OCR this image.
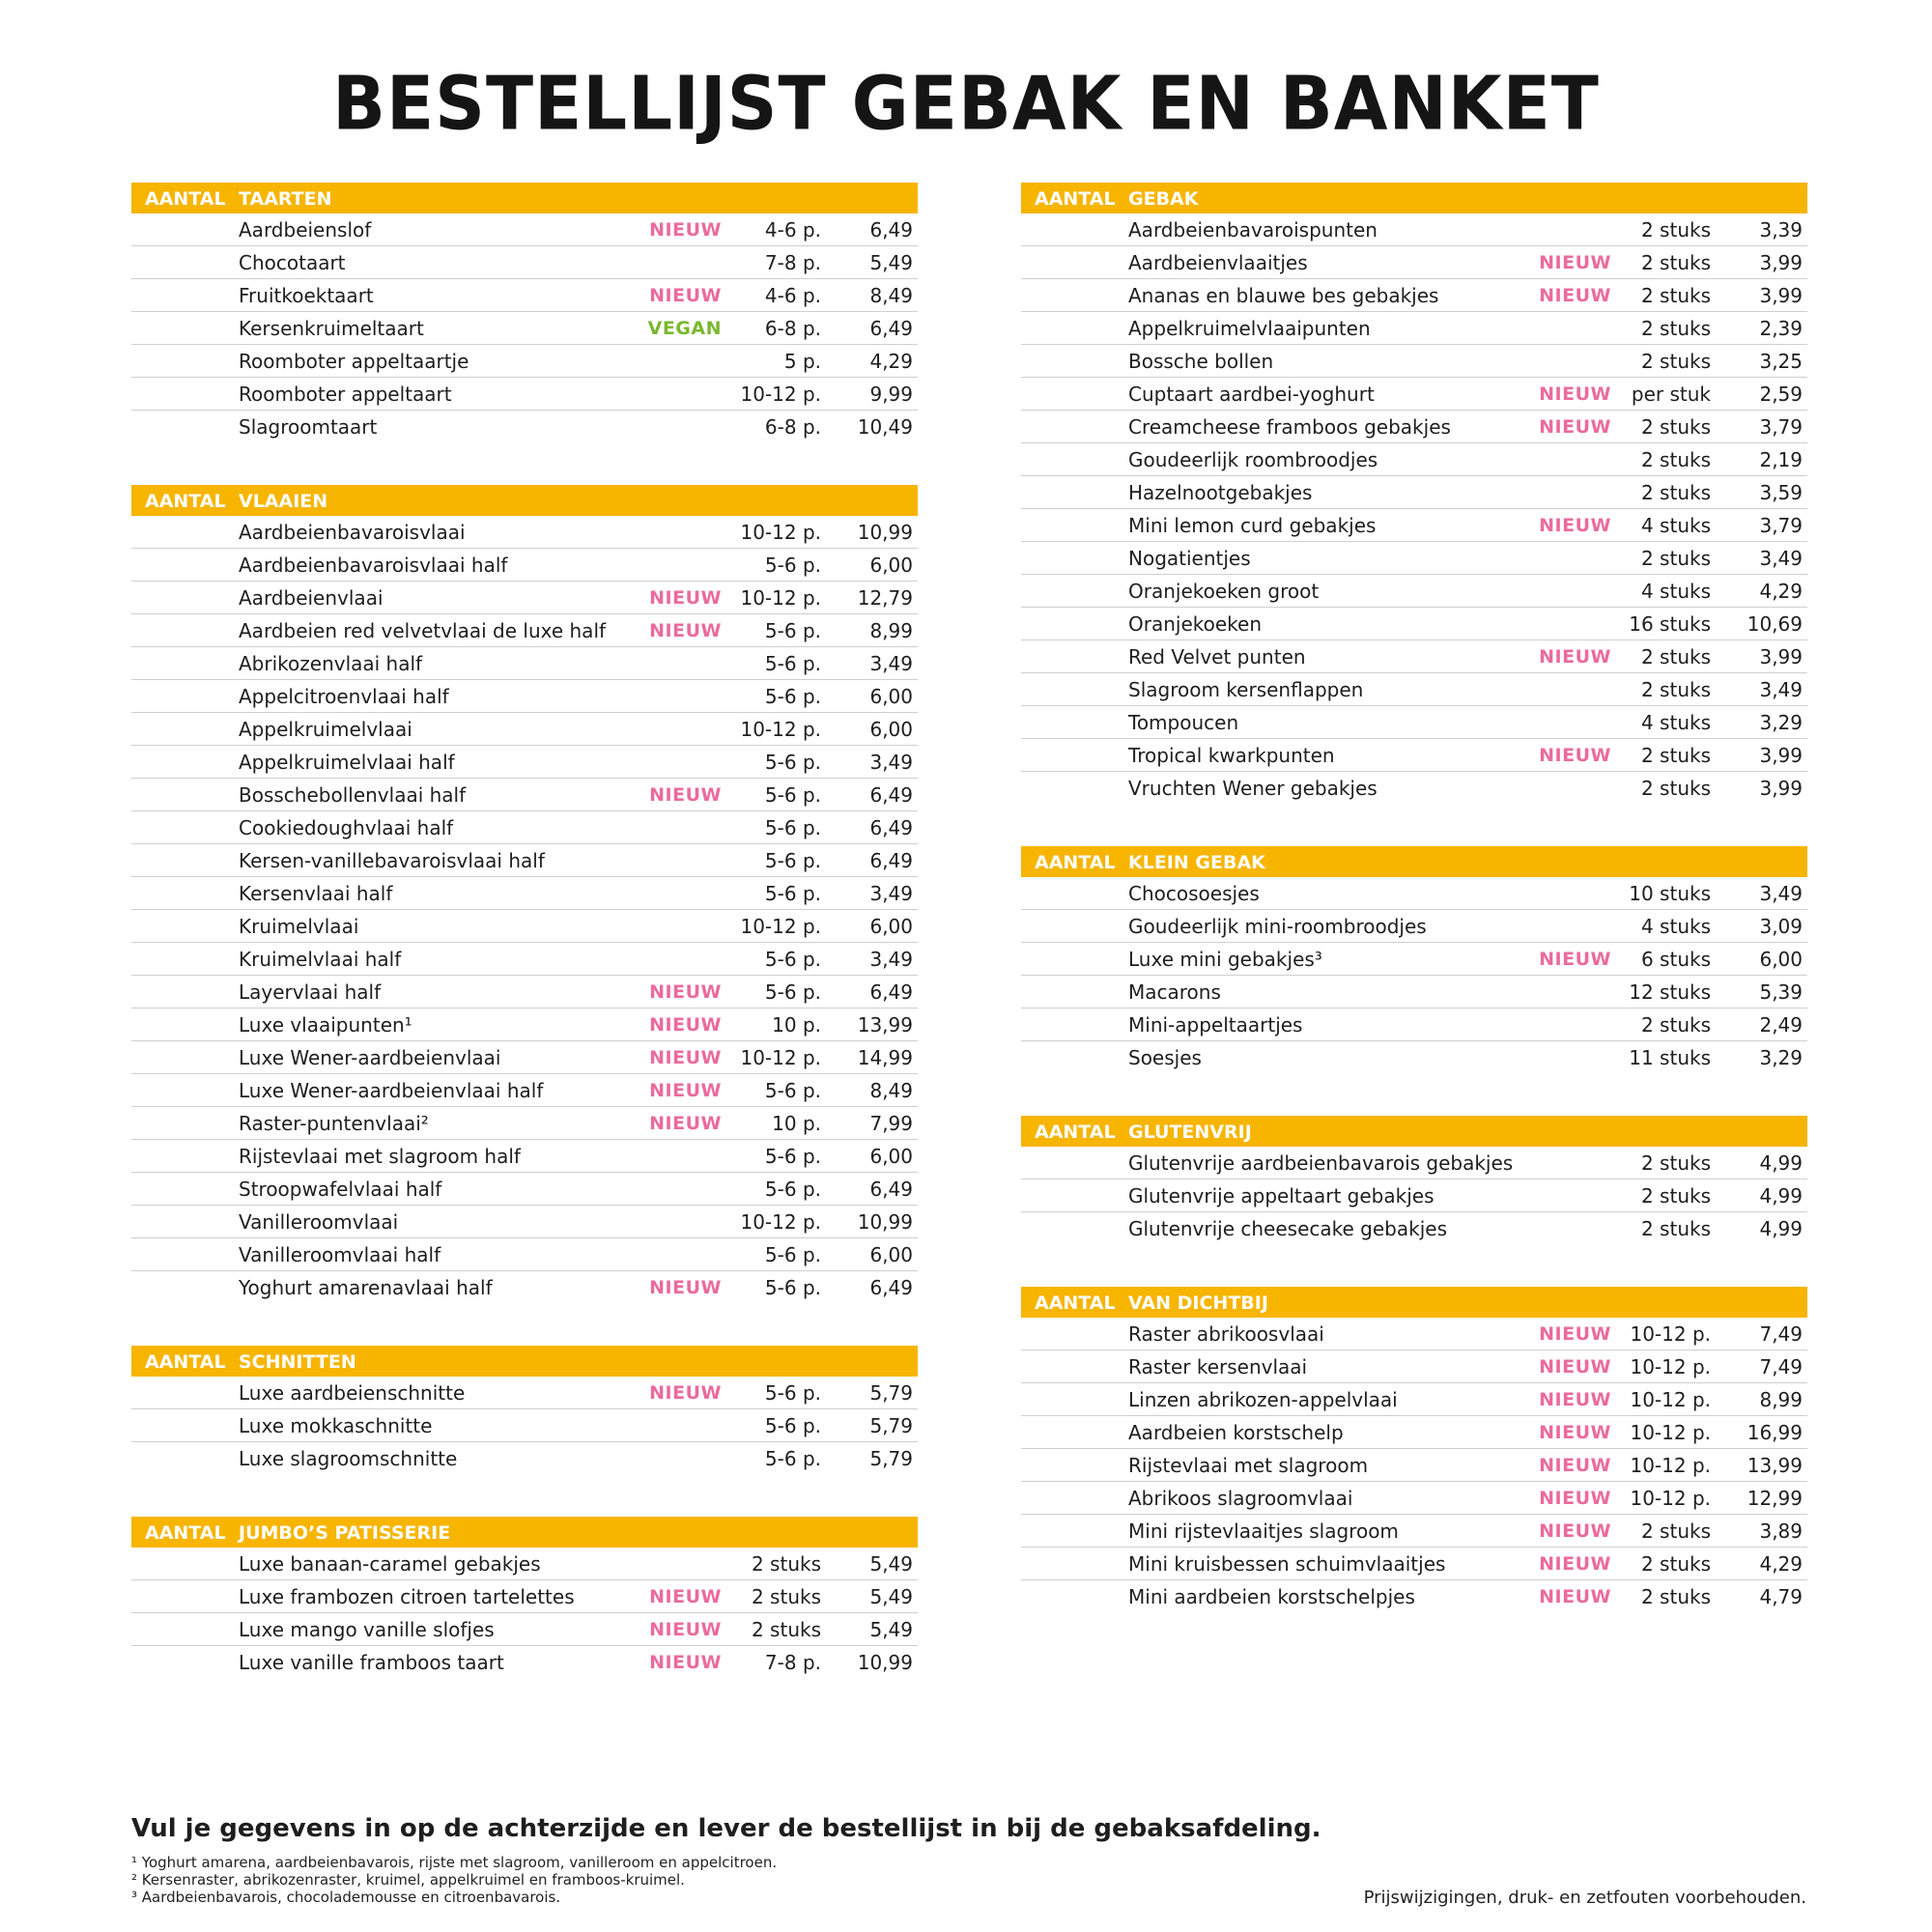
BESTELLIJST GEBAK EN BANKET
AANTAL TAARTEN
Aardbeienslof	NIEUW 4-6 p.	6,49
Chocotaart	7-8 p.	5,49
Fruitkoektaart	NIEUW 4-6 p.	8,49
Kersenkruimeltaart	VEGAN 6-8 p.	6,49
Roomboter appeltaartje	5 p.	4,29
Roomboter appeltaart	10-12 p.	9,99
Slagroomtaart	6-8 p. 10,49
AANTAL VLAAIEN
Aardbeienbavaroisvlaai	10-12 p. 10,99
Aardbeienbavaroisvlaai half	5-6 p.	6,00
Aardbeienvlaai	NIEUW 10-12 p. 12,79
Aardbeien red velvetvlaai de luxe half NIEUW 5-6 p.	8,99
Abrikozenvlaai half	5-6 p.	3,49
Appelcitroenvlaai half	5-6 p.	6,00
Appelkruimelvlaai	10-12 p.	6,00
Appelkruimelvlaai half	5-6 p.	3,49
Bosschebollenvlaai half	NIEUW 5-6 p.	6,49
Cookiedoughvlaai half	5-6 p.	6,49
Kersen-vanillebavaroisvlaai half	5-6 p.	6,49
Kersenvlaai half	5-6 p.	3,49
Kruimelvlaai	10-12 p.	6,00
Kruimelvlaai half	5-6 p.	3,49
Layervlaai half	NIEUW 5-6 p.	6,49
Luxe vlaaipunten¹	NIEUW	10 p. 13,99
Luxe Wener-aardbeienvlaai	NIEUW 10-12 p. 14,99
Luxe Wener-aardbeienvlaai half	NIEUW 5-6 p.	8,49
Raster-puntenvlaai²	NIEUW	10 p.	7,99
Rijstevlaai met slagroom half	5-6 p.	6,00
Stroopwafelvlaai half	5-6 p.	6,49
Vanilleroomvlaai	10-12 p. 10,99
Vanilleroomvlaai half	5-6 p.	6,00
Yoghurt amarenavlaai half	NIEUW 5-6 p.	6,49
AANTAL SCHNITTEN
Luxe aardbeienschnitte	NIEUW 5-6 p.	5,79
Luxe mokkaschnitte	5-6 p.	5,79
Luxe slagroomschnitte	5-6 p.	5,79
AANTAL JUMBO’S PATISSERIE
Luxe banaan-caramel gebakjes	2 stuks	5,49
Luxe frambozen citroen tartelettes	NIEUW 2 stuks	5,49
Luxe mango vanille slofjes	NIEUW 2 stuks	5,49
Luxe vanille framboos taart	NIEUW 7-8 p. 10,99
AANTAL GEBAK
Aardbeienbavaroispunten	2 stuks	3,39
Aardbeienvlaaitjes	NIEUW 2 stuks	3,99
Ananas en blauwe bes gebakjes	NIEUW 2 stuks	3,99
Appelkruimelvlaaipunten	2 stuks	2,39
Bossche bollen	2 stuks	3,25
Cuptaart aardbei-yoghurt	NIEUW per stuk	2,59
Creamcheese framboos gebakjes	NIEUW 2 stuks	3,79
Goudeerlijk roombroodjes	2 stuks	2,19
Hazelnootgebakjes	2 stuks	3,59
Mini lemon curd gebakjes	NIEUW 4 stuks	3,79
Nogatientjes	2 stuks	3,49
Oranjekoeken groot	4 stuks	4,29
Oranjekoeken	16 stuks 10,69
Red Velvet punten	NIEUW 2 stuks	3,99
Slagroom kersenflappen	2 stuks	3,49
Tompoucen	4 stuks	3,29
Tropical kwarkpunten	NIEUW 2 stuks	3,99
Vruchten Wener gebakjes	2 stuks	3,99
AANTAL KLEIN GEBAK
Chocosoesjes	10 stuks	3,49
Goudeerlijk mini-roombroodjes	4 stuks	3,09
Luxe mini gebakjes³	NIEUW 6 stuks	6,00
Macarons	12 stuks	5,39
Mini-appeltaartjes	2 stuks	2,49
Soesjes	11 stuks	3,29
AANTAL GLUTENVRIJ
Glutenvrije aardbeienbavarois gebakjes	2 stuks	4,99
Glutenvrije appeltaart gebakjes	2 stuks	4,99
Glutenvrije cheesecake gebakjes	2 stuks	4,99
AANTAL VAN DICHTBIJ
Raster abrikoosvlaai	NIEUW 10-12 p.	7,49
Raster kersenvlaai	NIEUW 10-12 p.	7,49
Linzen abrikozen-appelvlaai	NIEUW 10-12 p.	8,99
Aardbeien korstschelp	NIEUW 10-12 p. 16,99
Rijstevlaai met slagroom	NIEUW 10-12 p. 13,99
Abrikoos slagroomvlaai	NIEUW 10-12 p. 12,99
Mini rijstevlaaitjes slagroom	NIEUW 2 stuks	3,89
Mini kruisbessen schuimvlaaitjes	NIEUW 2 stuks	4,29
Mini aardbeien korstschelpjes	NIEUW 2 stuks	4,79
Vul je gegevens in op de achterzijde en lever de bestellijst in bij de gebaksafdeling.
¹ Yoghurt amarena, aardbeienbavarois, rijste met slagroom, vanilleroom en appelcitroen.
² Kersenraster, abrikozenraster, kruimel, appelkruimel en framboos-kruimel.
³ Aardbeienbavarois, chocolademousse en citroenbavarois.	Prijswijzigingen, druk- en zetfouten voorbehouden.
